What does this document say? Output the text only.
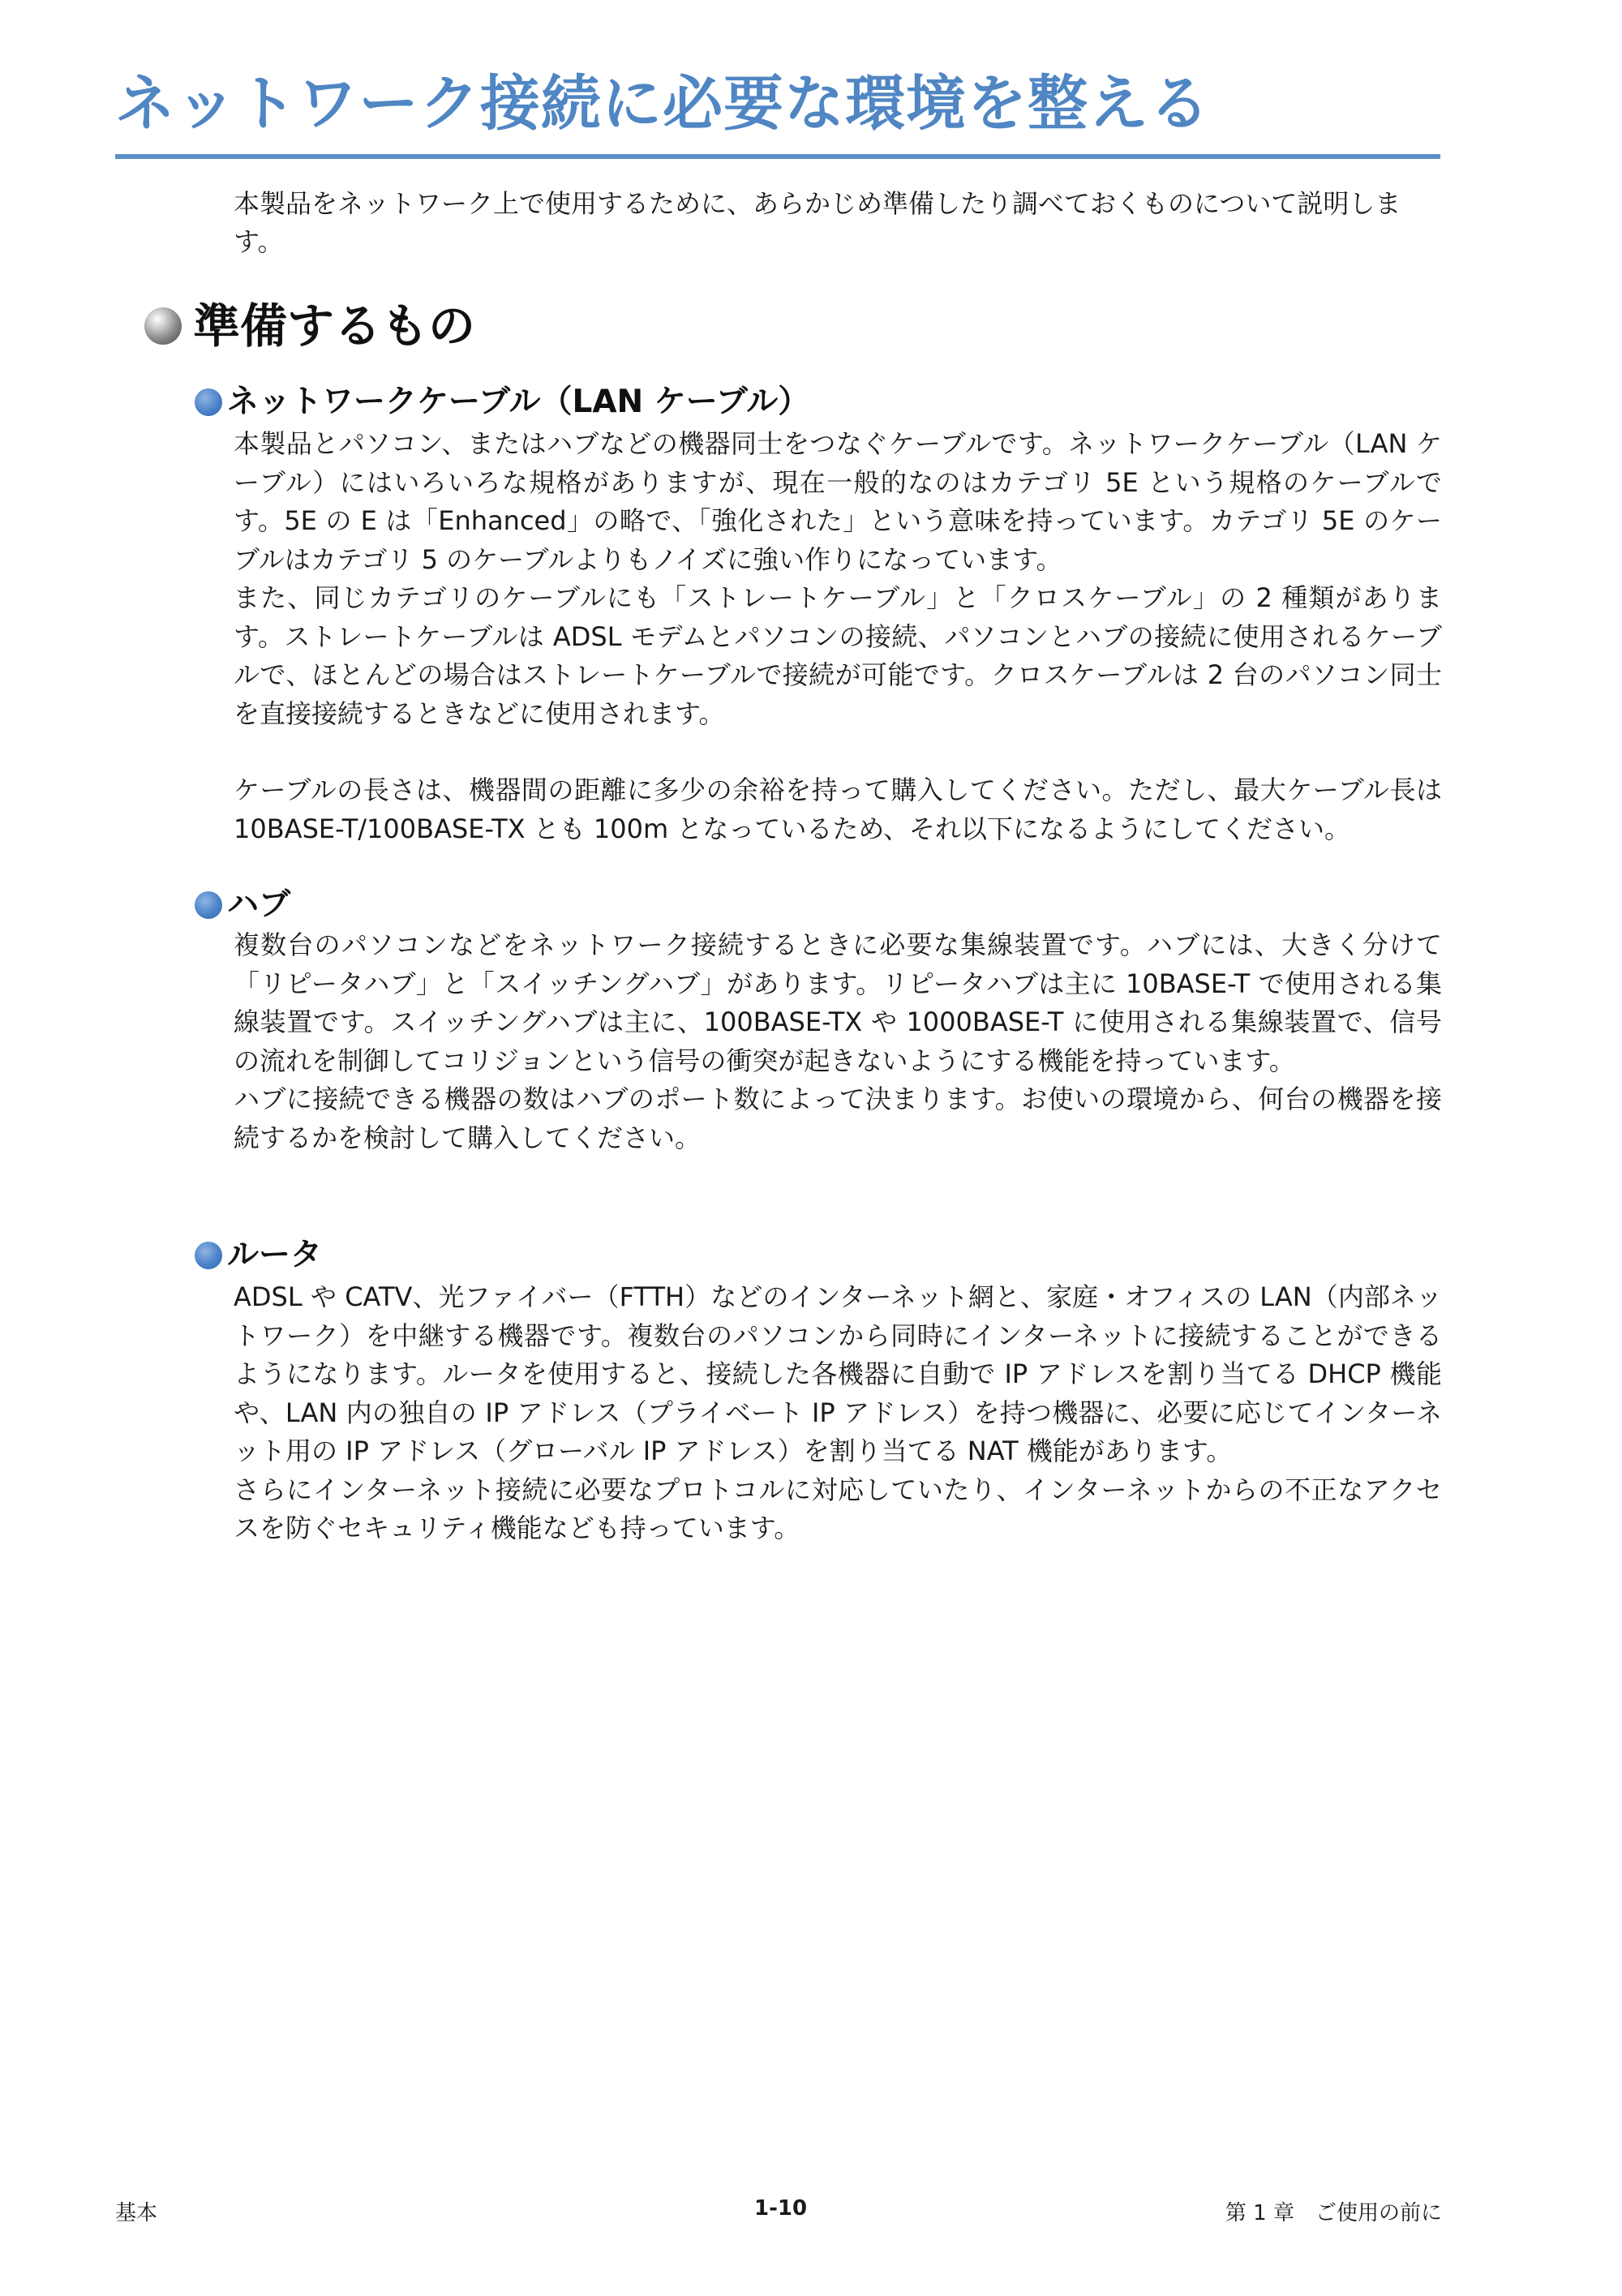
ネットワーク接続に必要な環境を整える

本製品をネットワーク上で使用するために、あらかじめ準備したり調べておくものについて説明します。

準備するもの
ネットワークケーブル（LAN ケーブル）

本製品とパソコン、またはハブなどの機器同士をつなぐケーブルです。ネットワークケーブル（LAN ケーブル）にはいろいろな規格がありますが、現在一般的なのはカテゴリ 5E という規格のケーブルです。5E の E は「Enhanced」の略で、「強化された」という意味を持っています。カテゴリ 5E のケーブルはカテゴリ 5 のケーブルよりもノイズに強い作りになっています。

また、同じカテゴリのケーブルにも「ストレートケーブル」と「クロスケーブル」の 2 種類があります。ストレートケーブルは ADSL モデムとパソコンの接続、パソコンとハブの接続に使用されるケーブルで、ほとんどの場合はストレートケーブルで接続が可能です。クロスケーブルは 2 台のパソコン同士を直接接続するときなどに使用されます。

ケーブルの長さは、機器間の距離に多少の余裕を持って購入してください。ただし、最大ケーブル長は 10BASE-T/100BASE-TX とも 100m となっているため、それ以下になるようにしてください。

ハブ

複数台のパソコンなどをネットワーク接続するときに必要な集線装置です。ハブには、大きく分けて「リピータハブ」と「スイッチングハブ」があります。リピータハブは主に 10BASE-T で使用される集線装置です。スイッチングハブは主に、100BASE-TX や 1000BASE-T に使用される集線装置で、信号の流れを制御してコリジョンという信号の衝突が起きないようにする機能を持っています。

ハブに接続できる機器の数はハブのポート数によって決まります。お使いの環境から、何台の機器を接続するかを検討して購入してください。

ルータ

ADSL や CATV、光ファイバー（FTTH）などのインターネット網と、家庭・オフィスの LAN（内部ネットワーク）を中継する機器です。複数台のパソコンから同時にインターネットに接続することができるようになります。ルータを使用すると、接続した各機器に自動で IP アドレスを割り当てる DHCP 機能や、LAN 内の独自の IP アドレス（プライベート IP アドレス）を持つ機器に、必要に応じてインターネット用の IP アドレス（グローバル IP アドレス）を割り当てる NAT 機能があります。

さらにインターネット接続に必要なプロトコルに対応していたり、インターネットからの不正なアクセスを防ぐセキュリティ機能なども持っています。

基本	1-10	第 1 章　ご使用の前に
